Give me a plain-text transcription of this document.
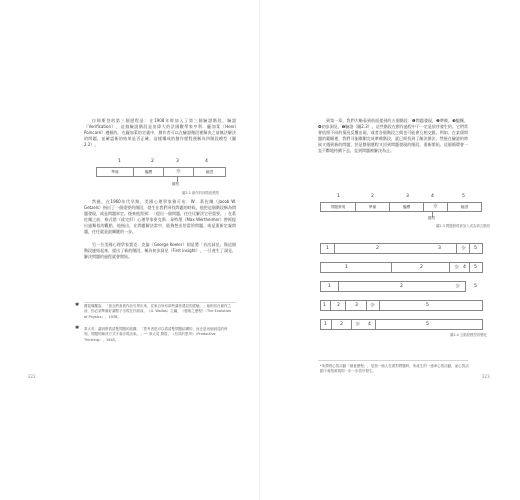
拉姆斯登的第三個歷程是：在1908年時加入了第三個驗證階段，驗證（Verification），這個驗證階段是由偉大的法國數學家亨利．龐加萊（Henri Poincaré）遵循的。在龐加萊的定義中，創作者可以在驗證階段裡解決之前無法解決的問題，並確認新的結果是否正確，這樣構成的創作歷程便稱為四階段模型（圖2.2）。

1	2	3	4
準備	醞釀	☼	驗證
觀察
圖2.2 創作的四階段模型

然後，在1960年代早期，美國心理學家雅可布．W．葛佐爾（Jacob W. Getzels）指出了一個重要的階段，發生在我們尋找問題的時候。他把這個階段稱為問題發現，或是問題界定。後來他寫到：「提出一個問題，往往比解決它更重要。」在葛佐爾之前，格式塔（或完形）心理學家麥克斯．韋特墨（Max Wertheimer）曾經提出過類似的觀點，他指出，在問題解決當中，能夠想出恰當的問題，或是重新定義問題，往往就是最關鍵的一步。

另一位美國心理學家賈克．克倫（George Keeler）則是將「首次洞見」與這個階段連結起來，提出了新的階段，稱為初步洞見（First Insight），一旦產生了洞見，解決問題的過程就會開始。

✱ 費茲傑羅說，「意念將會被作品引導出來，並來自所有那些讓你遇見的經驗。」他相信在創作之前，你必須準備好讓點子出現在你面前。（G. Wallas）主編，《藝術之歷程》（The Evolution of Physics），1938。
✱ 韋太英：讓洞察看清楚問題的結構，「思考者是可以看清楚問題結構的，而正是這個洞見的時刻，問題的解決方式才會浮現出來。」── 韋太英 撰寫，《有效的思考》（Productive Thinking），1945。
222

到第一章，我們大略看到前面提到的五個階段：❶問題發現，❷準備，❸醞釀，❹初步洞見，❺驗證（圖2.3）。這些階段在創作過程中不一定是依序發生的。它們常會依照不同的情況反覆出現，或者各個階段之間也可能會互相交錯。例如，在某個問題的範疇裡，我們可能剛剛完成準備階段，就已經找到了解決辦法，然後在驗證的時候又遇到新的問題，於是整個歷程又回到問題發現的階段，重新開始。這個循環會一直不斷地持續下去，直到問題被解決為止。

1	2	3	4	5
問題發現	準備	醞釀	☼	驗證
觀察
圖2.3 問題發現被加入成為第五階段
1	2	3	☼ 5
1	2	☼ 4 5
1	2	☼	5
1 2	3 ☼	5
1	2 ☼ 4	5
圖2.4 五階段模型的變化
*所謂的心智活動「創意歷程」，是指一個人在面對問題時，所產生的一連串心智活動，而心智活動不會按照規則一步一步依序發生。
223
